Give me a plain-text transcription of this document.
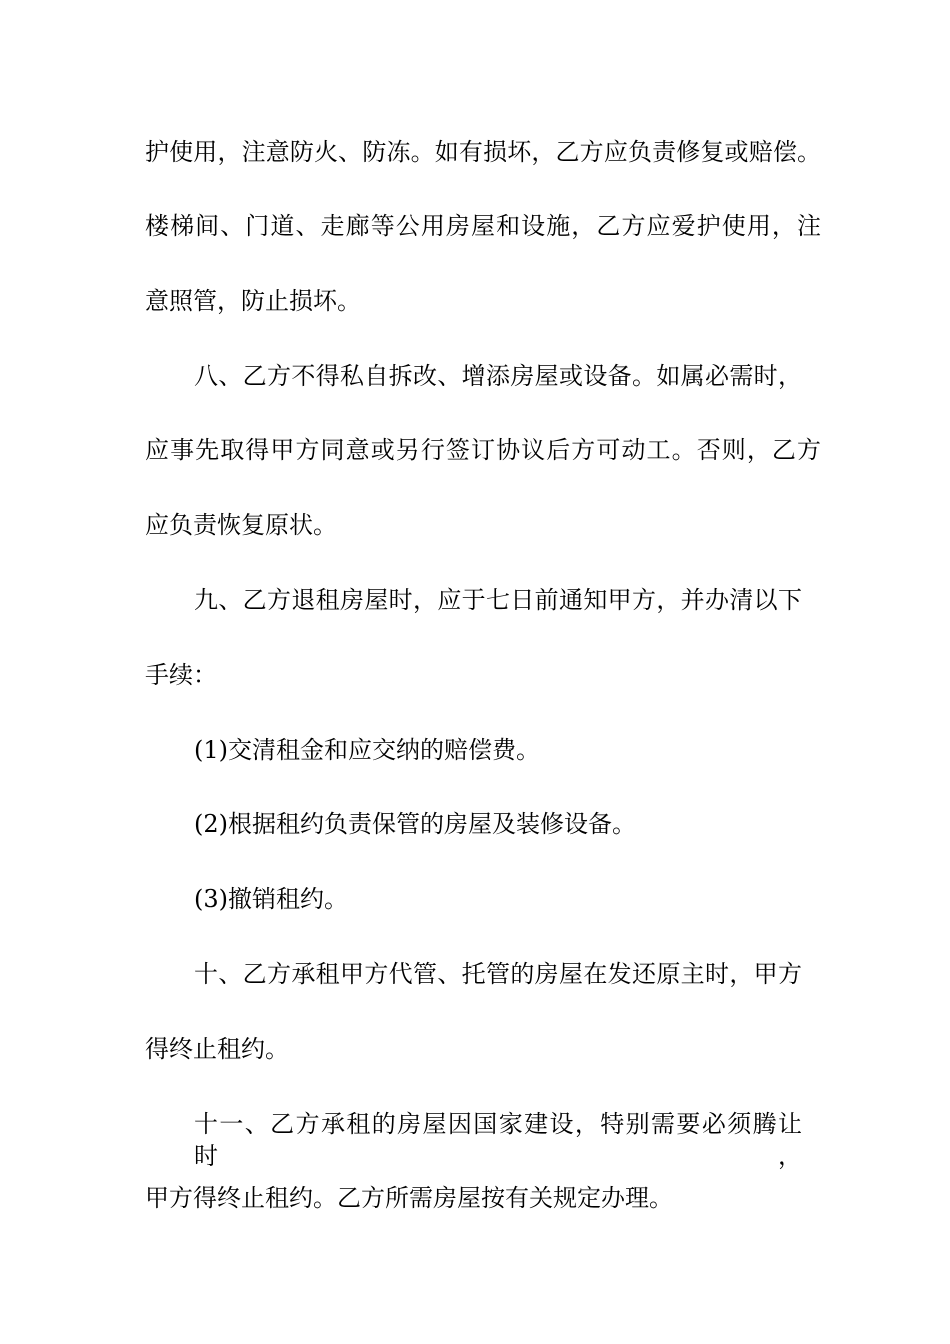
护使用，注意防火、防冻。如有损坏，乙方应负责修复或赔偿。
楼梯间、门道、走廊等公用房屋和设施，乙方应爱护使用，注
意照管，防止损坏。
八、乙方不得私自拆改、增添房屋或设备。如属必需时，
应事先取得甲方同意或另行签订协议后方可动工。否则，乙方
应负责恢复原状。
九、乙方退租房屋时，应于七日前通知甲方，并办清以下
手续：
(1)交清租金和应交纳的赔偿费。
(2)根据租约负责保管的房屋及装修设备。
(3)撤销租约。
十、乙方承租甲方代管、托管的房屋在发还原主时，甲方
得终止租约。
十一、乙方承租的房屋因国家建设，特别需要必须腾让时，
甲方得终止租约。乙方所需房屋按有关规定办理。
